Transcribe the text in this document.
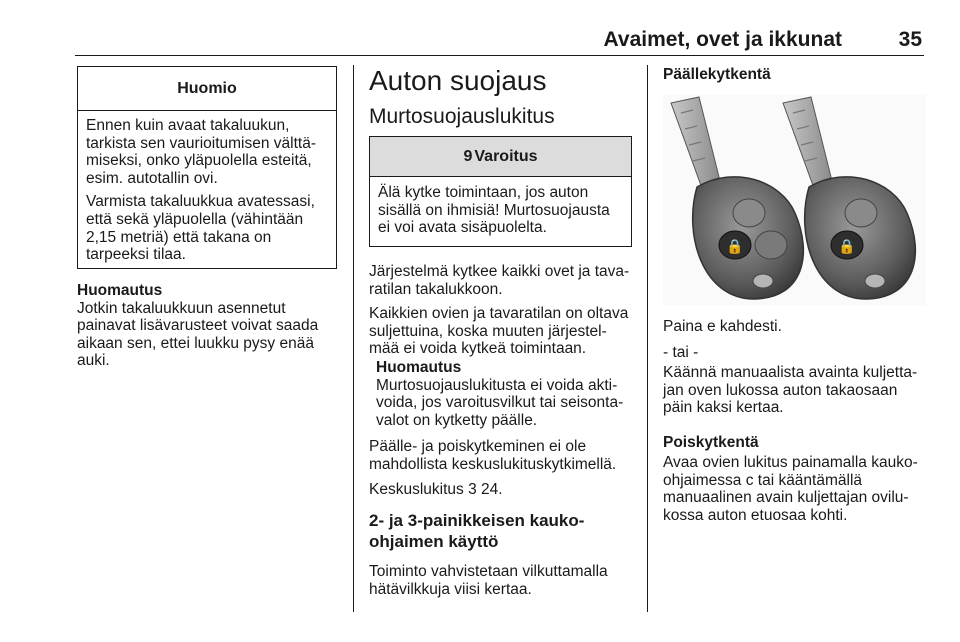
Avaimet, ovet ja ikkunat	35
Huomio

Ennen kuin avaat takaluukun, tarkista sen vaurioitumisen välttä-miseksi, onko yläpuolella esteitä, esim. autotallin ovi.

Varmista takaluukkua avatessasi, että sekä yläpuolella (vähintään 2,15 metriä) että takana on tarpeeksi tilaa.

Huomautus
Jotkin takaluukkuun asennetut painavat lisävarusteet voivat saada aikaan sen, ettei luukku pysy enää auki.
Auton suojaus
Murtosuojauslukitus
9 Varoitus
Älä kytke toimintaan, jos auton sisällä on ihmisiä! Murtosuojausta ei voi avata sisäpuolelta.

Järjestelmä kytkee kaikki ovet ja tava-ratilan takalukkoon.

Kaikkien ovien ja tavaratilan on oltava suljettuina, koska muuten järjestel-mää ei voida kytkeä toimintaan.

Huomautus
Murtosuojauslukitusta ei voida akti-voida, jos varoitusvilkut tai seisonta-valot on kytketty päälle.

Päälle- ja poiskytkeminen ei ole mahdollista keskuslukituskytkimellä.

Keskuslukitus 3 24.

2- ja 3-painikkeisen kauko-ohjaimen käyttö

Toiminto vahvistetaan vilkuttamalla hätävilkkuja viisi kertaa.

Päällekytkentä
🔒	🔒

Paina e kahdesti.

- tai -

Käännä manuaalista avainta kuljetta-jan oven lukossa auton takaosaan päin kaksi kertaa.

Poiskytkentä

Avaa ovien lukitus painamalla kauko-ohjaimessa c tai kääntämällä manuaalinen avain kuljettajan ovilu-kossa auton etuosaa kohti.
